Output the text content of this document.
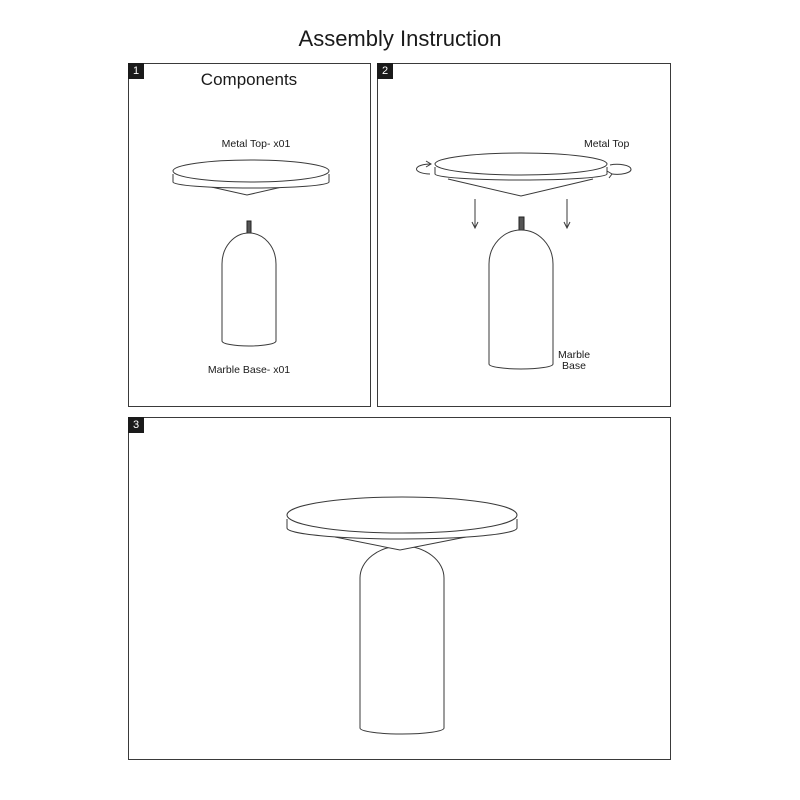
Assembly Instruction
1	Components
Metal Top- x01
Marble Base- x01
2
Metal Top
Marble
Base
3
